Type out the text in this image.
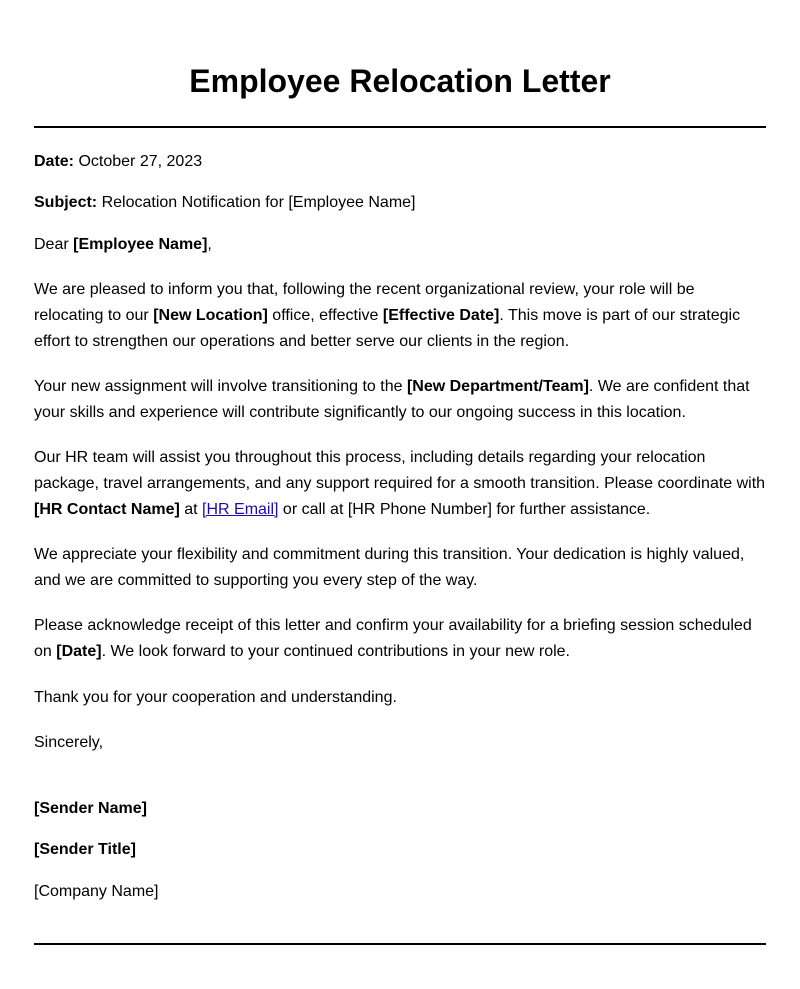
Employee Relocation Letter
Date: October 27, 2023
Subject: Relocation Notification for [Employee Name]
Dear [Employee Name],
We are pleased to inform you that, following the recent organizational review, your role will be
relocating to our [New Location] office, effective [Effective Date]. This move is part of our strategic
effort to strengthen our operations and better serve our clients in the region.
Your new assignment will involve transitioning to the [New Department/Team]. We are confident that
your skills and experience will contribute significantly to our ongoing success in this location.
Our HR team will assist you throughout this process, including details regarding your relocation
package, travel arrangements, and any support required for a smooth transition. Please coordinate with
[HR Contact Name] at [HR Email] or call at [HR Phone Number] for further assistance.
We appreciate your flexibility and commitment during this transition. Your dedication is highly valued,
and we are committed to supporting you every step of the way.
Please acknowledge receipt of this letter and confirm your availability for a briefing session scheduled
on [Date]. We look forward to your continued contributions in your new role.
Thank you for your cooperation and understanding.
Sincerely,
[Sender Name]
[Sender Title]
[Company Name]
